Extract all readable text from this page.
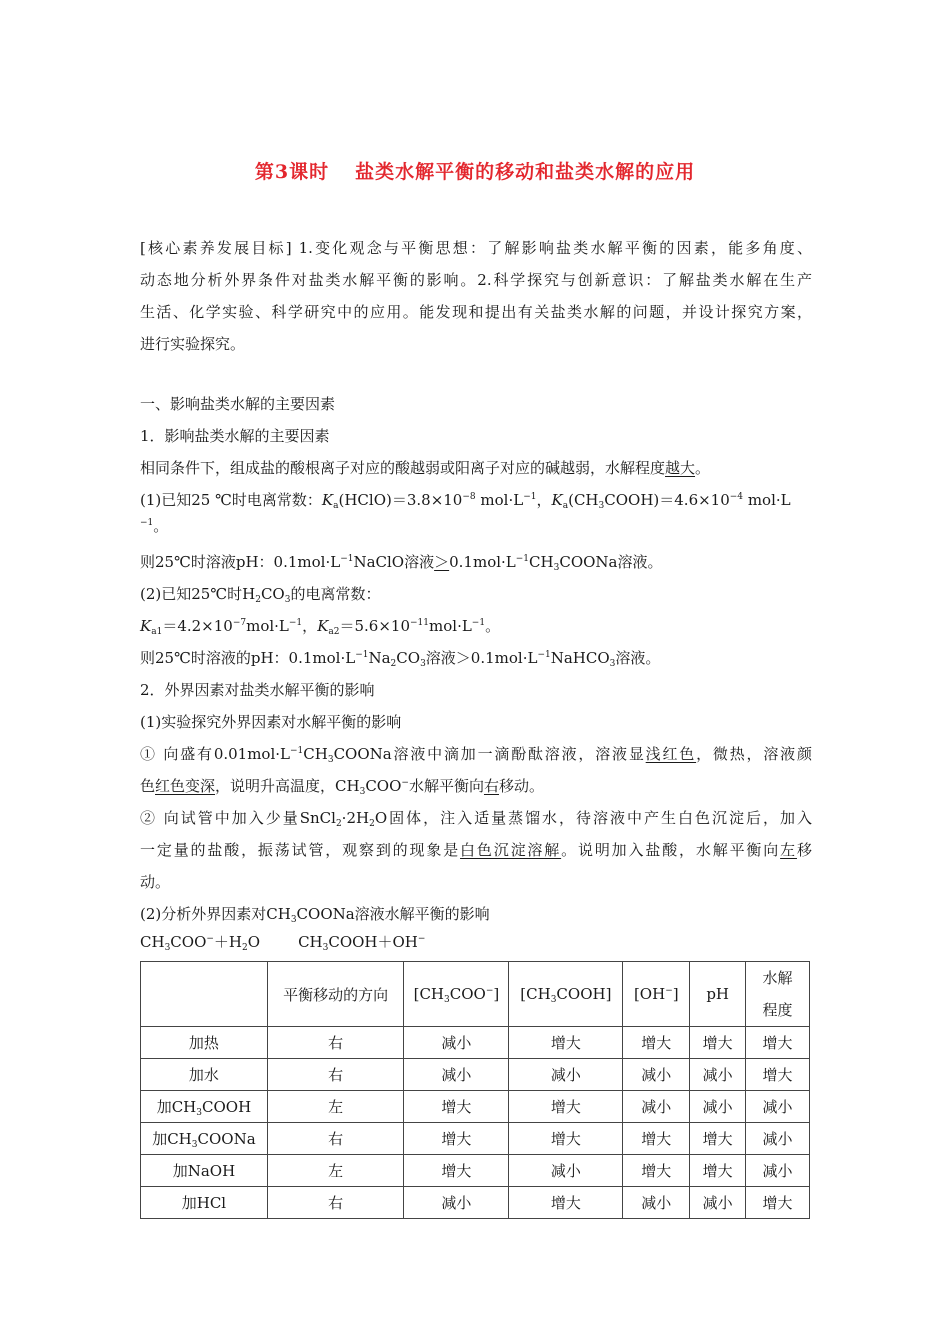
第3课时 盐类水解平衡的移动和盐类水解的应用
[核心素养发展目标] 1.变化观念与平衡思想：了解影响盐类水解平衡的因素，能多角度、
动态地分析外界条件对盐类水解平衡的影响。2.科学探究与创新意识：了解盐类水解在生产
生活、化学实验、科学研究中的应用。能发现和提出有关盐类水解的问题，并设计探究方案，
进行实验探究。
一、影响盐类水解的主要因素
1．影响盐类水解的主要因素
相同条件下，组成盐的酸根离子对应的酸越弱或阳离子对应的碱越弱，水解程度越大。
(1)已知25 ℃时电离常数：$K_a(HClO)=3.8\times 10^{-8}$ $mol\cdot L^{-1}$，$K_a(CH_3COOH)=4.6\times 10^{-4}$ mol·L
$^{-1}$。
则25℃时溶液pH：$0.1mol\cdot L^{-1}NaClO$溶液$>0.1mol\cdot L^{-1}CH_3COONa$溶液。
(2)已知25℃时$H_2CO_3$的电离常数：
$K_{a1}=4.2\times 10^{-7}mol\cdot L^{-1}$，$K_{a2}=5.6\times 10^{-11}mol\cdot L^{-1}$。
则25℃时溶液的pH：$0.1mol\cdot L^{-1}Na_2CO_3$溶液$>0.1mol\cdot L^{-1}NaHCO_3$溶液。
2．外界因素对盐类水解平衡的影响
(1)实验探究外界因素对水解平衡的影响
① 向盛有$0.01mol\cdot L^{-1}CH_3COONa$溶液中滴加一滴酚酞溶液，溶液显浅红色，微热，溶液颜
色红色变深，说明升高温度，$CH_3COO^-$水解平衡向右移动。
② 向试管中加入少量$SnCl_2\cdot 2H_2O$固体，注入适量蒸馏水，待溶液中产生白色沉淀后，加入
一定量的盐酸，振荡试管，观察到的现象是白色沉淀溶解。说明加入盐酸，水解平衡向左移
动。
(2)分析外界因素对$CH_3COONa$溶液水解平衡的影响
$CH_3COO^-+H_2O$	$CH_3COOH+OH^-$
	平衡移动的方向	$[CH_3COO^-]$	$[CH_3COOH]$	[OH−]	pH	水解
程度
加热	右	减小	增大	增大	增大	增大
加水	右	减小	减小	减小	减小	增大
加$CH_3COOH$	左	增大	增大	减小	减小	减小
加$CH_3COONa$	右	增大	增大	增大	增大	减小
加NaOH	左	增大	减小	增大	增大	减小
加HCl	右	减小	增大	减小	减小	增大
